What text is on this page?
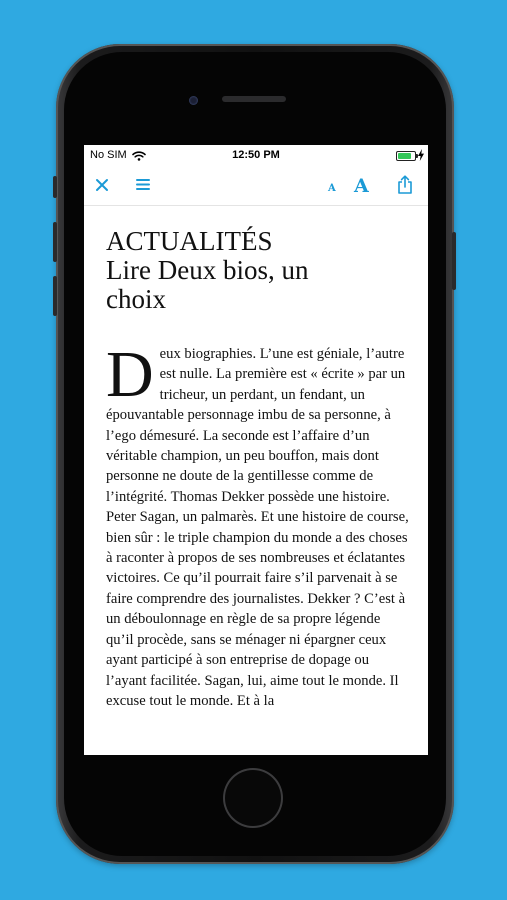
No SIM	12:50 PM
A A
ACTUALITÉS
Lire Deux bios, un
choix

Deux biographies. L’une est géniale, l’autre est nulle. La première est « écrite » par un tricheur, un perdant, un fendant, un épouvantable personnage imbu de sa personne, à l’ego démesuré. La seconde est l’affaire d’un véritable champion, un peu bouffon, mais dont personne ne doute de la gentillesse comme de l’intégrité. Thomas Dekker possède une histoire. Peter Sagan, un palmarès. Et une histoire de course, bien sûr : le triple champion du monde a des choses à raconter à propos de ses nombreuses et éclatantes victoires. Ce qu’il pourrait faire s’il parvenait à se faire comprendre des journalistes. Dekker ? C’est à un déboulonnage en règle de sa propre légende qu’il procède, sans se ménager ni épargner ceux ayant participé à son entreprise de dopage ou l’ayant facilitée. Sagan, lui, aime tout le monde. Il excuse tout le monde. Et à la
